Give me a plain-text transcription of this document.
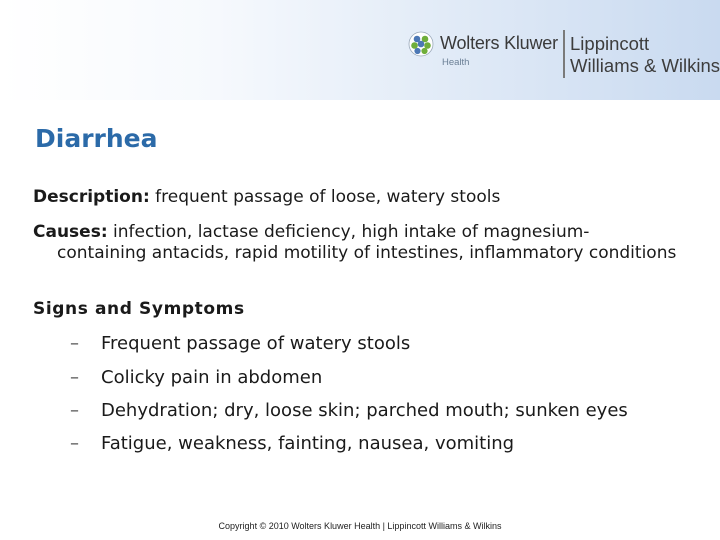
Wolters Kluwer
Health
Lippincott
Williams & Wilkins
Diarrhea
Description: frequent passage of loose, watery stools
Causes: infection, lactase deficiency, high intake of magnesium-
containing antacids, rapid motility of intestines, inflammatory conditions
Signs and Symptoms
– Frequent passage of watery stools
– Colicky pain in abdomen
– Dehydration; dry, loose skin; parched mouth; sunken eyes
– Fatigue, weakness, fainting, nausea, vomiting
Copyright © 2010 Wolters Kluwer Health | Lippincott Williams & Wilkins
